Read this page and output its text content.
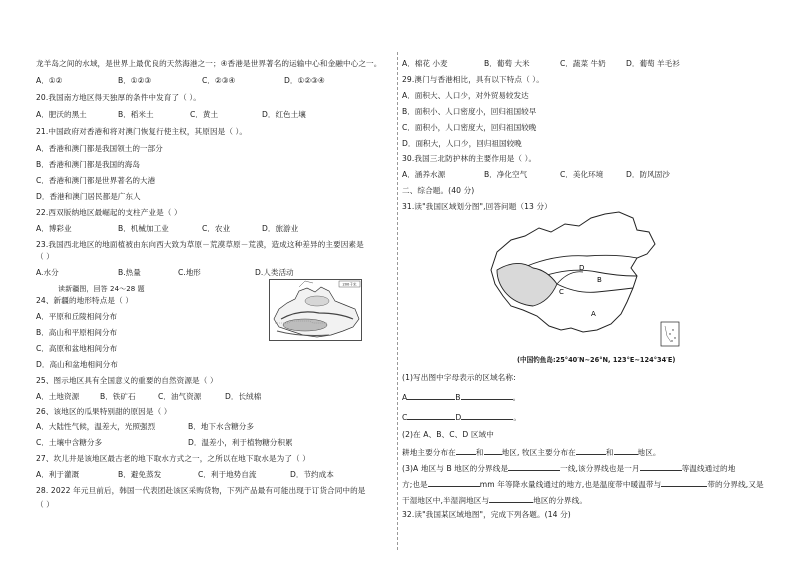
龙羊岛之间的水域，是世界上最优良的天然海港之一；④香港是世界著名的运输中心和金融中心之一。
A．①②	B．①②③	C．②③④	D．①②③④
20.我国南方地区得天独厚的条件中发育了（ ）。
A．肥沃的黑土	B．稻米土	C．黄土	D．红色土壤
21.中国政府对香港和将对澳门恢复行使主权，其原因是（ ）。
A．香港和澳门都是我国领土的一部分
B．香港和澳门都是我国的海岛
C．香港和澳门都是世界著名的大港
D．香港和澳门居民都是广东人
22.西双版纳地区最崛起的支柱产业是（ ）
A．博彩业	B．机械加工业	C．农业	D．旅游业
23.我国西北地区的地面植被由东向西大致为草原－荒漠草原－荒漠，造成这种差异的主要因素是
（ ）
A.水分	B.热量	C.地形	D.人类活动
读新疆图，回答 24～28 题
200千米
24、新疆的地形特点是（ ）
A．平原和丘陵相间分布
B．高山和平原相间分布
C．高原和盆地相间分布
D．高山和盆地相间分布
25、图示地区具有全国意义的重要的自然资源是（ ）
A．土地资源	B．铁矿石	C．油气资源	D．长绒棉
26、该地区的瓜果特别甜的原因是（ ）
A．大陆性气候，温差大，光照强烈	B．地下水含糖分多
C．土壤中含糖分多	D．温差小，利于植物糖分积累
27、坎儿井是该地区最古老的地下取水方式之一，之所以在地下取水是为了（ ）
A．利于灌溉	B．避免蒸发	C．利于地势自流	D．节约成本
28. 2022 年元旦前后，韩国一代表团赴该区采购货物，下列产品最有可能出现于订货合同中的是
（ ）
A．棉花 小麦	B．葡萄 大米	C．蔬菜 牛奶	D．葡萄 羊毛衫
29.澳门与香港相比，具有以下特点（ ）。
A．面积大、人口少，对外贸易较发达
B．面积小、人口密度小，回归祖国较早
C．面积小，人口密度大，回归祖国较晚
D．面积大，人口少，回归祖国较晚
30.我国三北防护林的主要作用是（ ）。
A．涵养水源	B．净化空气	C．美化环境	D．防风固沙
二、综合题。(40 分)
31.读"我国区域划分图",回答问题（13 分）
D
C
B
A
(中国钓鱼岛:25°40′N~26°N, 123°E~124°34′E)
(1)写出图中字母表示的区域名称:
A	B	。
C	D	。
(2)在 A、B、C、D 区域中
耕地主要分布在	和 地区, 牧区主要分布在	和	地区。
(3)A 地区与 B 地区的分界线是	一线,该分界线也是一月	等温线通过的地
方;也是	mm 年等降水量线通过的地方,也是温度带中暖温带与	带的分界线,又是
干湿地区中,半湿润地区与	地区的分界线。
32.读"我国某区域地图"，完成下列各题。(14 分)
